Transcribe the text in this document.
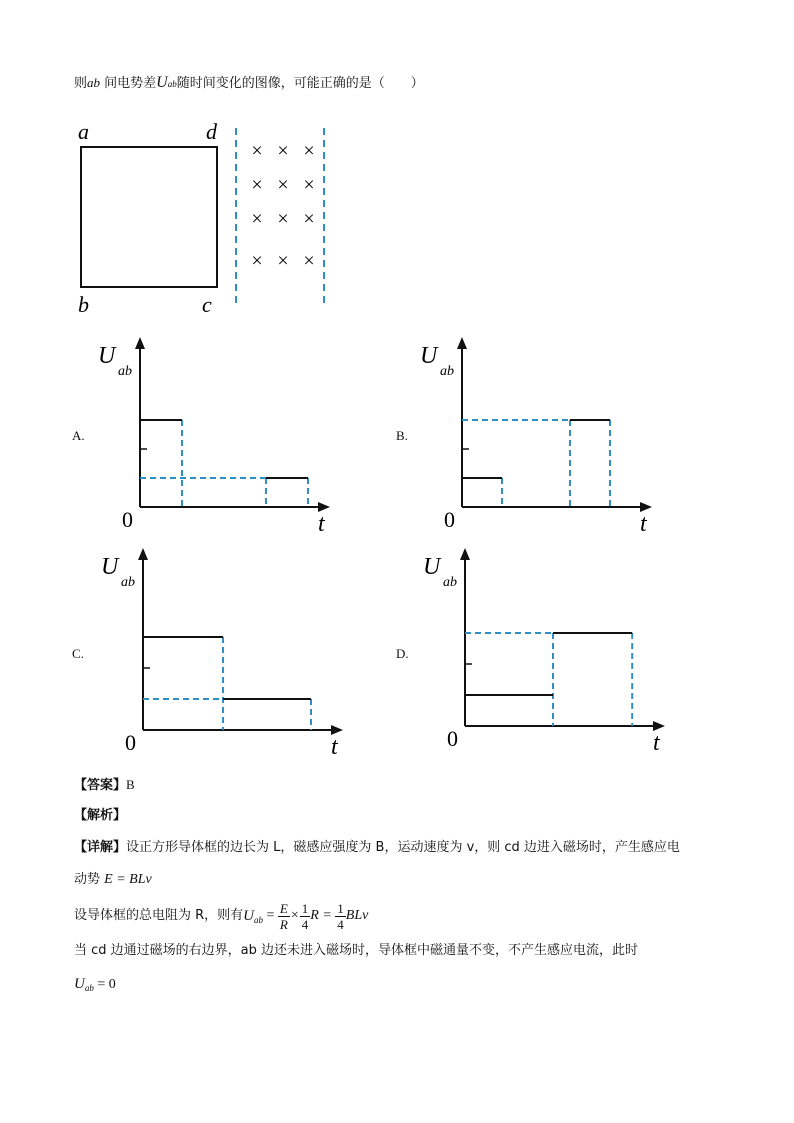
则ab 间电势差Uab随时间变化的图像，可能正确的是（　　）
a	d
b	c
× × ×
× × ×
× × ×
× × ×
A.	B.
C.	D.
U
ab
0	t
U
ab
0	t
U
ab
0	t
U
ab
0	t
【答案】B
【解析】
【详解】设正方形导体框的边长为 L，磁感应强度为 B，运动速度为 v，则 cd 边进入磁场时，产生感应电
动势 E = BLv
设导体框的总电阻为 R，则有 U ab = $\frac{E}{R} \times \frac{1}{4}$ $R = \frac{1}{4}$ BLv
当 cd 边通过磁场的右边界，ab 边还未进入磁场时，导体框中磁通量不变，不产生感应电流，此时
$U_{ab} = 0$
